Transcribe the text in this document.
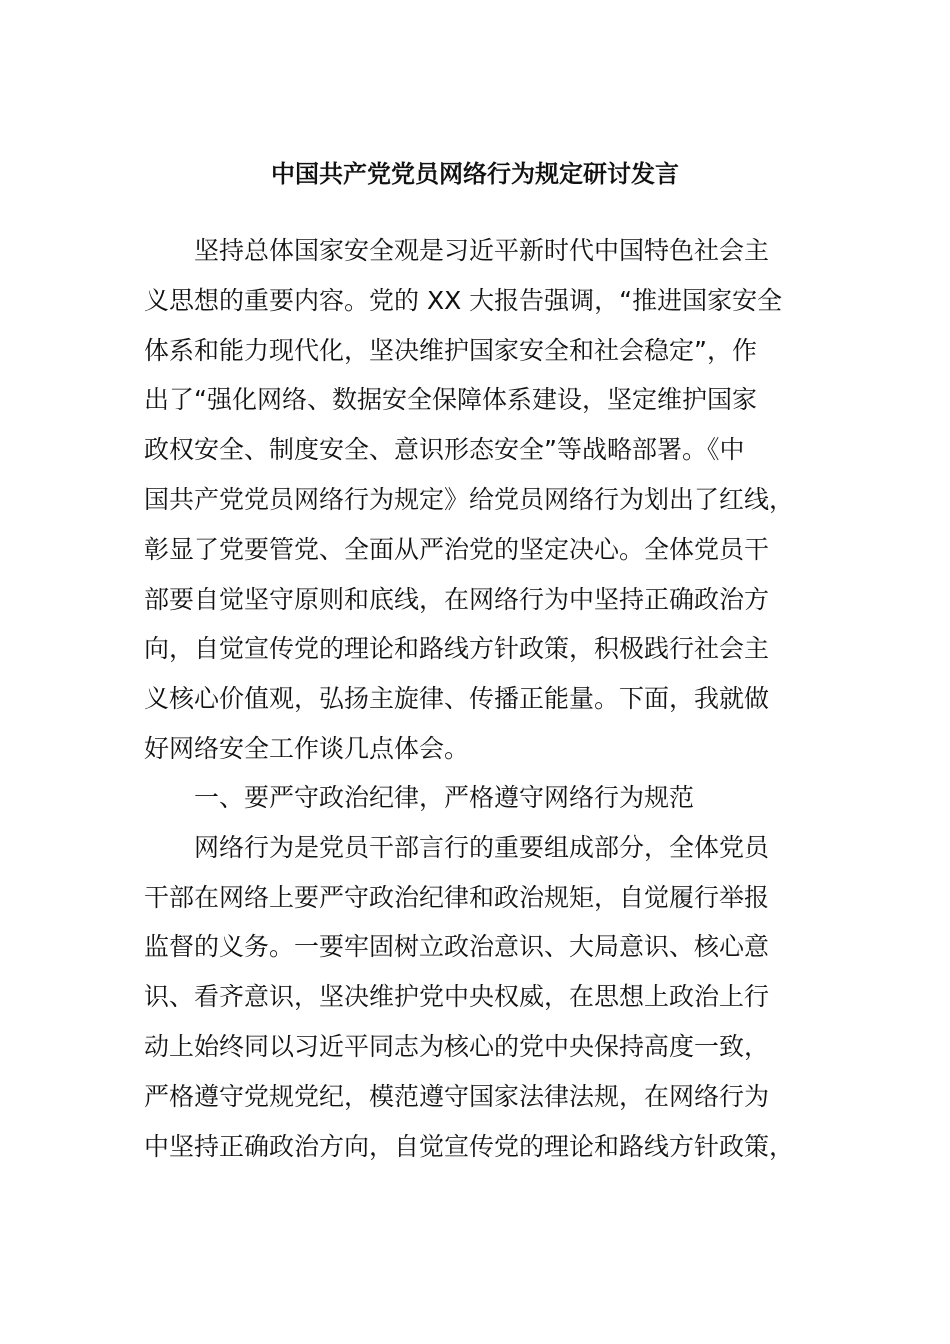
中国共产党党员网络行为规定研讨发言

坚持总体国家安全观是习近平新时代中国特色社会主

义思想的重要内容。党的 XX 大报告强调，“推进国家安全

体系和能力现代化，坚决维护国家安全和社会稳定”，作

出了“强化网络、数据安全保障体系建设，坚定维护国家

政权安全、制度安全、意识形态安全”等战略部署。《中

国共产党党员网络行为规定》给党员网络行为划出了红线，

彰显了党要管党、全面从严治党的坚定决心。全体党员干

部要自觉坚守原则和底线，在网络行为中坚持正确政治方

向，自觉宣传党的理论和路线方针政策，积极践行社会主

义核心价值观，弘扬主旋律、传播正能量。下面，我就做

好网络安全工作谈几点体会。

一、要严守政治纪律，严格遵守网络行为规范

网络行为是党员干部言行的重要组成部分，全体党员

干部在网络上要严守政治纪律和政治规矩，自觉履行举报

监督的义务。一要牢固树立政治意识、大局意识、核心意

识、看齐意识，坚决维护党中央权威，在思想上政治上行

动上始终同以习近平同志为核心的党中央保持高度一致，

严格遵守党规党纪，模范遵守国家法律法规，在网络行为

中坚持正确政治方向，自觉宣传党的理论和路线方针政策，
